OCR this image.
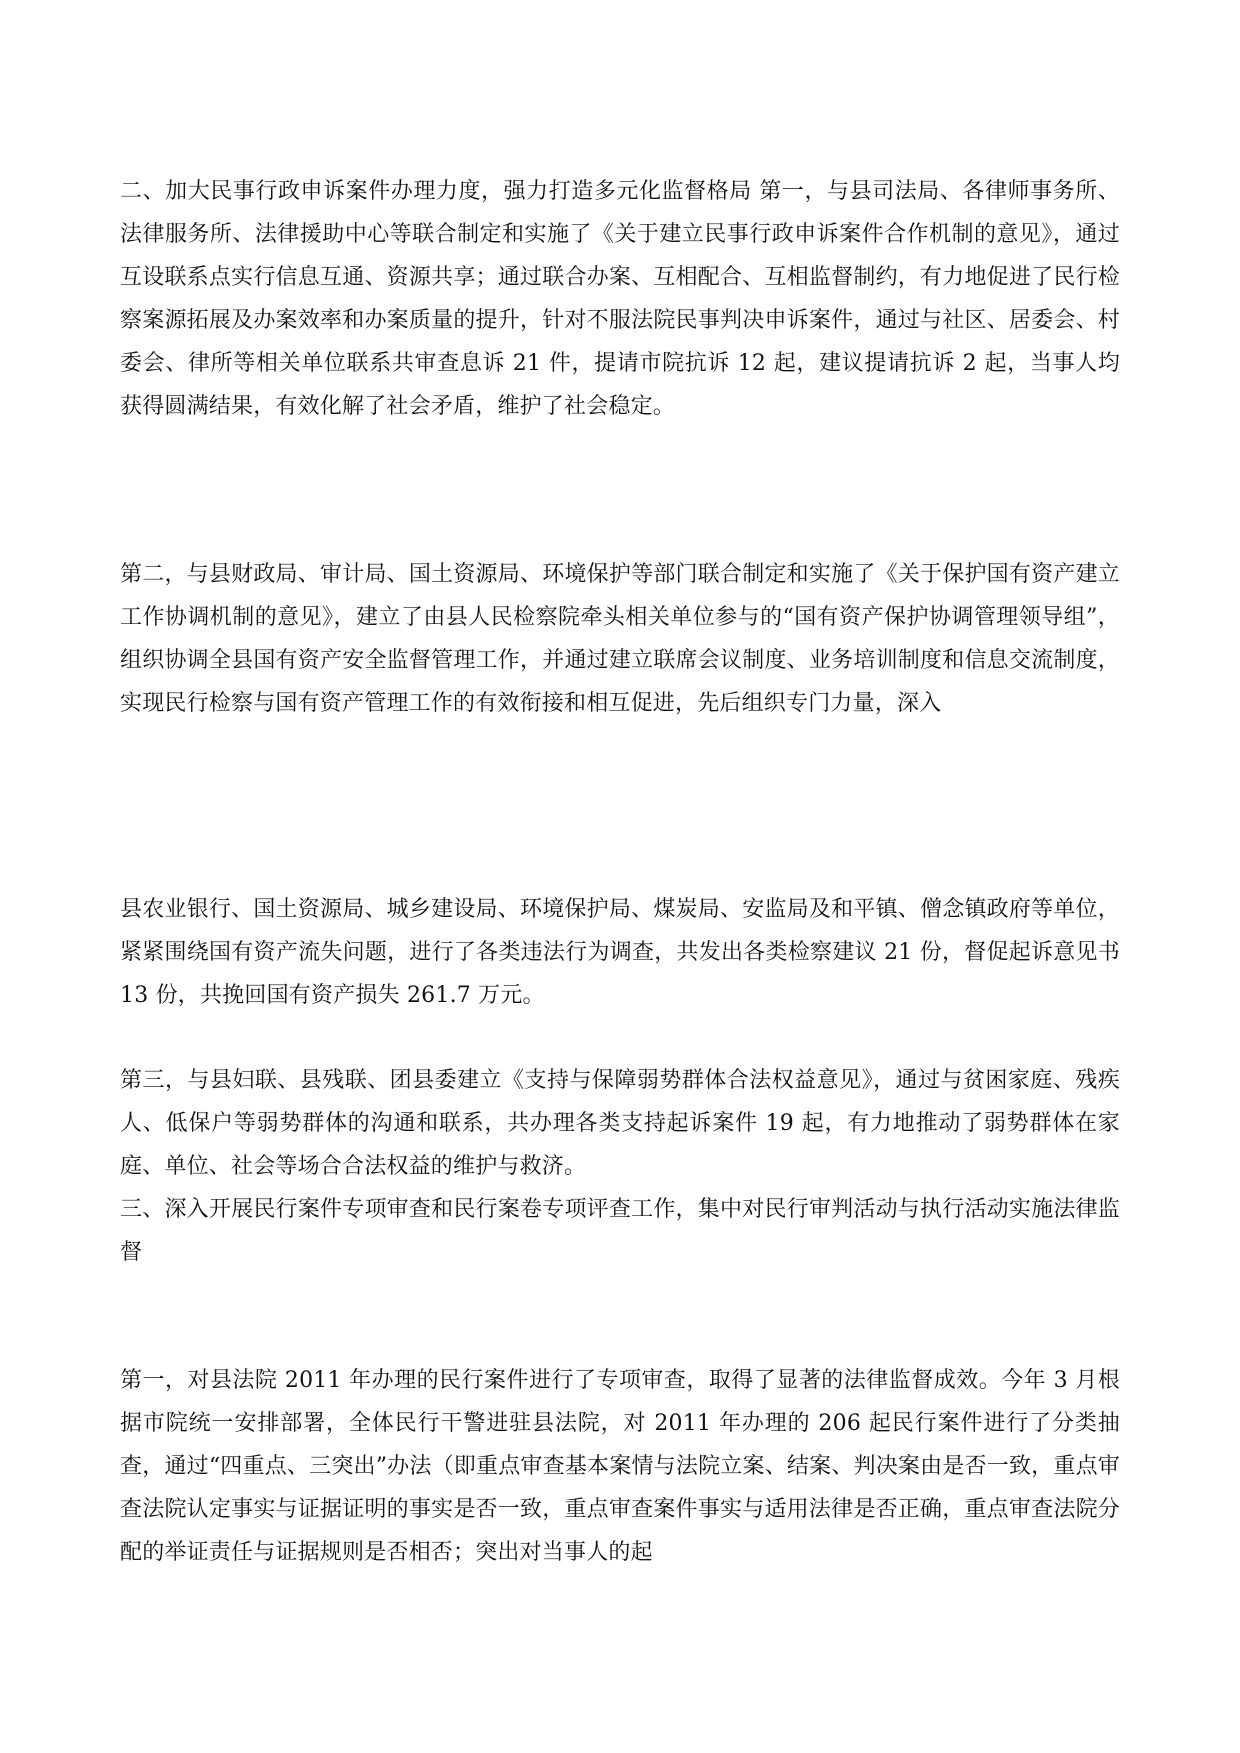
二、加大民事行政申诉案件办理力度，强力打造多元化监督格局 第一，与县司法局、各律师事务所、法律服务所、法律援助中心等联合制定和实施了《关于建立民事行政申诉案件合作机制的意见》，通过互设联系点实行信息互通、资源共享；通过联合办案、互相配合、互相监督制约，有力地促进了民行检察案源拓展及办案效率和办案质量的提升，针对不服法院民事判决申诉案件，通过与社区、居委会、村委会、律所等相关单位联系共审查息诉 21 件，提请市院抗诉 12 起，建议提请抗诉 2 起，当事人均获得圆满结果，有效化解了社会矛盾，维护了社会稳定。

第二，与县财政局、审计局、国土资源局、环境保护等部门联合制定和实施了《关于保护国有资产建立工作协调机制的意见》，建立了由县人民检察院牵头相关单位参与的“国有资产保护协调管理领导组”，组织协调全县国有资产安全监督管理工作，并通过建立联席会议制度、业务培训制度和信息交流制度，实现民行检察与国有资产管理工作的有效衔接和相互促进，先后组织专门力量，深入

县农业银行、国土资源局、城乡建设局、环境保护局、煤炭局、安监局及和平镇、僧念镇政府等单位，紧紧围绕国有资产流失问题，进行了各类违法行为调查，共发出各类检察建议 21 份，督促起诉意见书 13 份，共挽回国有资产损失 261.7 万元。

第三，与县妇联、县残联、团县委建立《支持与保障弱势群体合法权益意见》，通过与贫困家庭、残疾人、低保户等弱势群体的沟通和联系，共办理各类支持起诉案件 19 起，有力地推动了弱势群体在家庭、单位、社会等场合合法权益的维护与救济。

三、深入开展民行案件专项审查和民行案卷专项评查工作，集中对民行审判活动与执行活动实施法律监督

第一，对县法院 2011 年办理的民行案件进行了专项审查，取得了显著的法律监督成效。今年 3 月根据市院统一安排部署，全体民行干警进驻县法院，对 2011 年办理的 206 起民行案件进行了分类抽查，通过“四重点、三突出”办法（即重点审查基本案情与法院立案、结案、判决案由是否一致，重点审查法院认定事实与证据证明的事实是否一致，重点审查案件事实与适用法律是否正确，重点审查法院分配的举证责任与证据规则是否相否；突出对当事人的起
